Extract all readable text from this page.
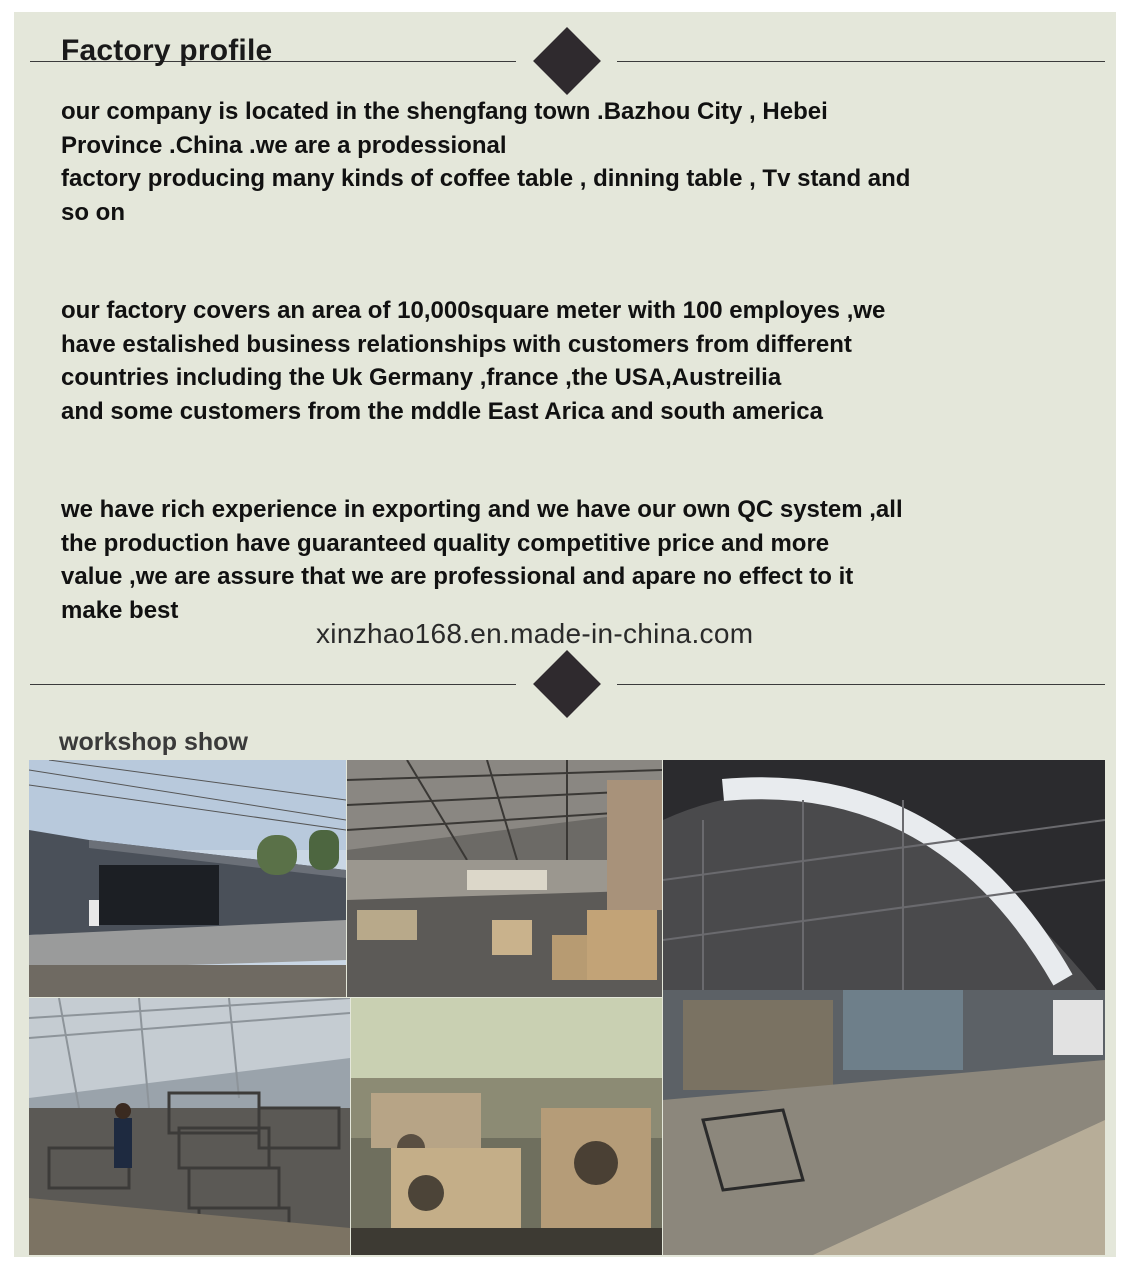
Factory profile
our company is located in the shengfang town .Bazhou City , Hebei
Province .China .we are a prodessional
factory producing many kinds of coffee table , dinning table , Tv stand and
so on
our factory covers an area of 10,000square meter with 100 employes ,we
have estalished business relationships with customers from different
countries including the Uk Germany ,france ,the USA,Austreilia
and some customers from the mddle East Arica and south america
we have rich experience in exporting and we have our own QC system ,all
the production have guaranteed quality competitive price and more
value ,we are assure that we are professional and apare no effect to it
make best

xinzhao168.en.made-in-china.com

workshop show
